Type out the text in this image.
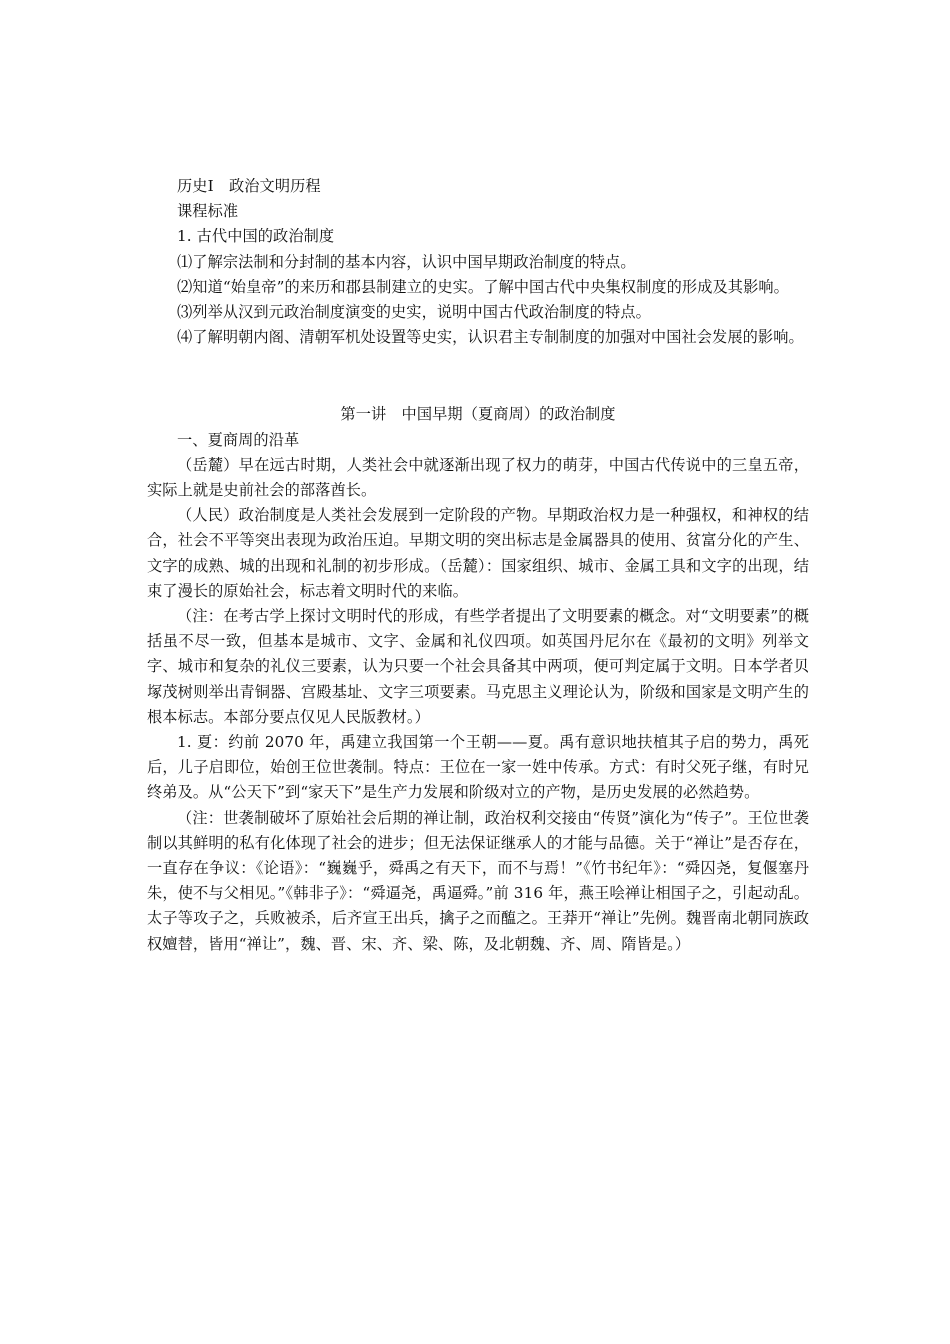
历史Ⅰ　政治文明历程

课程标准

1. 古代中国的政治制度

⑴了解宗法制和分封制的基本内容，认识中国早期政治制度的特点。

⑵知道“始皇帝”的来历和郡县制建立的史实。了解中国古代中央集权制度的形成及其影响。

⑶列举从汉到元政治制度演变的史实，说明中国古代政治制度的特点。

⑷了解明朝内阁、清朝军机处设置等史实，认识君主专制制度的加强对中国社会发展的影响。

第一讲　中国早期（夏商周）的政治制度

一、夏商周的沿革

（岳麓）早在远古时期，人类社会中就逐渐出现了权力的萌芽，中国古代传说中的三皇五帝，实际上就是史前社会的部落酋长。

（人民）政治制度是人类社会发展到一定阶段的产物。早期政治权力是一种强权，和神权的结合，社会不平等突出表现为政治压迫。早期文明的突出标志是金属器具的使用、贫富分化的产生、文字的成熟、城的出现和礼制的初步形成。（岳麓）：国家组织、城市、金属工具和文字的出现，结束了漫长的原始社会，标志着文明时代的来临。

（注：在考古学上探讨文明时代的形成，有些学者提出了文明要素的概念。对“文明要素”的概括虽不尽一致，但基本是城市、文字、金属和礼仪四项。如英国丹尼尔在《最初的文明》列举文字、城市和复杂的礼仪三要素，认为只要一个社会具备其中两项，便可判定属于文明。日本学者贝塚茂树则举出青铜器、宫殿基址、文字三项要素。马克思主义理论认为，阶级和国家是文明产生的根本标志。本部分要点仅见人民版教材。）

1. 夏：约前 2070 年，禹建立我国第一个王朝——夏。禹有意识地扶植其子启的势力，禹死后，儿子启即位，始创王位世袭制。特点：王位在一家一姓中传承。方式：有时父死子继，有时兄终弟及。从“公天下”到“家天下”是生产力发展和阶级对立的产物，是历史发展的必然趋势。

（注：世袭制破坏了原始社会后期的禅让制，政治权利交接由“传贤”演化为“传子”。王位世袭制以其鲜明的私有化体现了社会的进步；但无法保证继承人的才能与品德。关于“禅让”是否存在，一直存在争议：《论语》：“巍巍乎，舜禹之有天下，而不与焉！”《竹书纪年》：“舜囚尧，复偃塞丹朱，使不与父相见。”《韩非子》：“舜逼尧，禹逼舜。”前 316 年，燕王哙禅让相国子之，引起动乱。太子等攻子之，兵败被杀，后齐宣王出兵，擒子之而醢之。王莽开“禅让”先例。魏晋南北朝同族政权嬗替，皆用“禅让”，魏、晋、宋、齐、梁、陈，及北朝魏、齐、周、隋皆是。）
